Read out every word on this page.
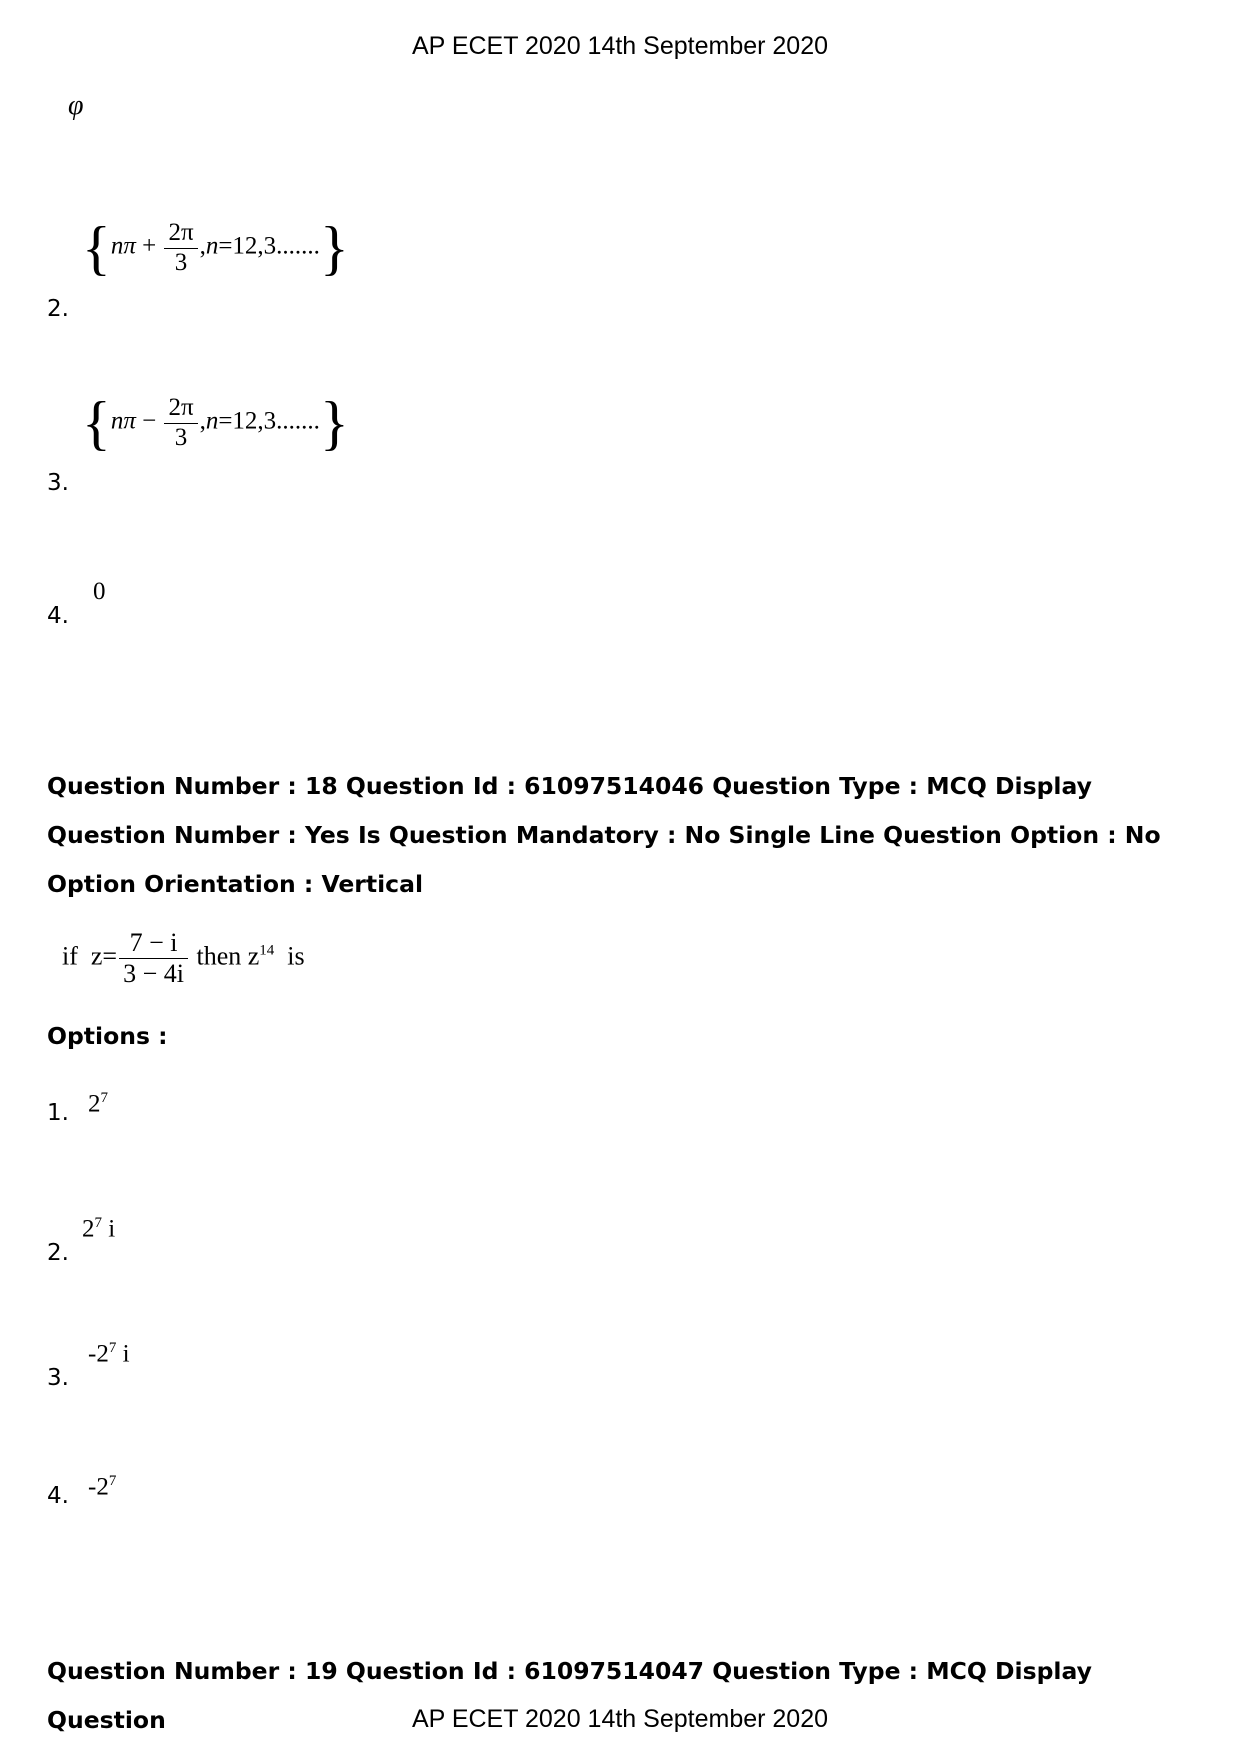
AP ECET 2020 14th September 2020
φ
$\{n\pi + \frac{2\pi}{3} ,n=12,3.......\}$
2.
$\{n\pi - \frac{2\pi}{3} ,n=12,3.......\}$
3.
0
4.
Question Number : 18 Question Id : 61097514046 Question Type : MCQ Display Question Number : Yes Is Question Mandatory : No Single Line Question Option : No Option Orientation : Vertical
if $z= \frac{7 - i}{3 - 4i}$ then $z^{14}$ is
Options :
1. $2^7$
2.
$2^7$ i
3.
$-2^7$ i
4. $-2^7$
Question Number : 19 Question Id : 61097514047 Question Type : MCQ Display Question	AP ECET 2020 14th September 2020
